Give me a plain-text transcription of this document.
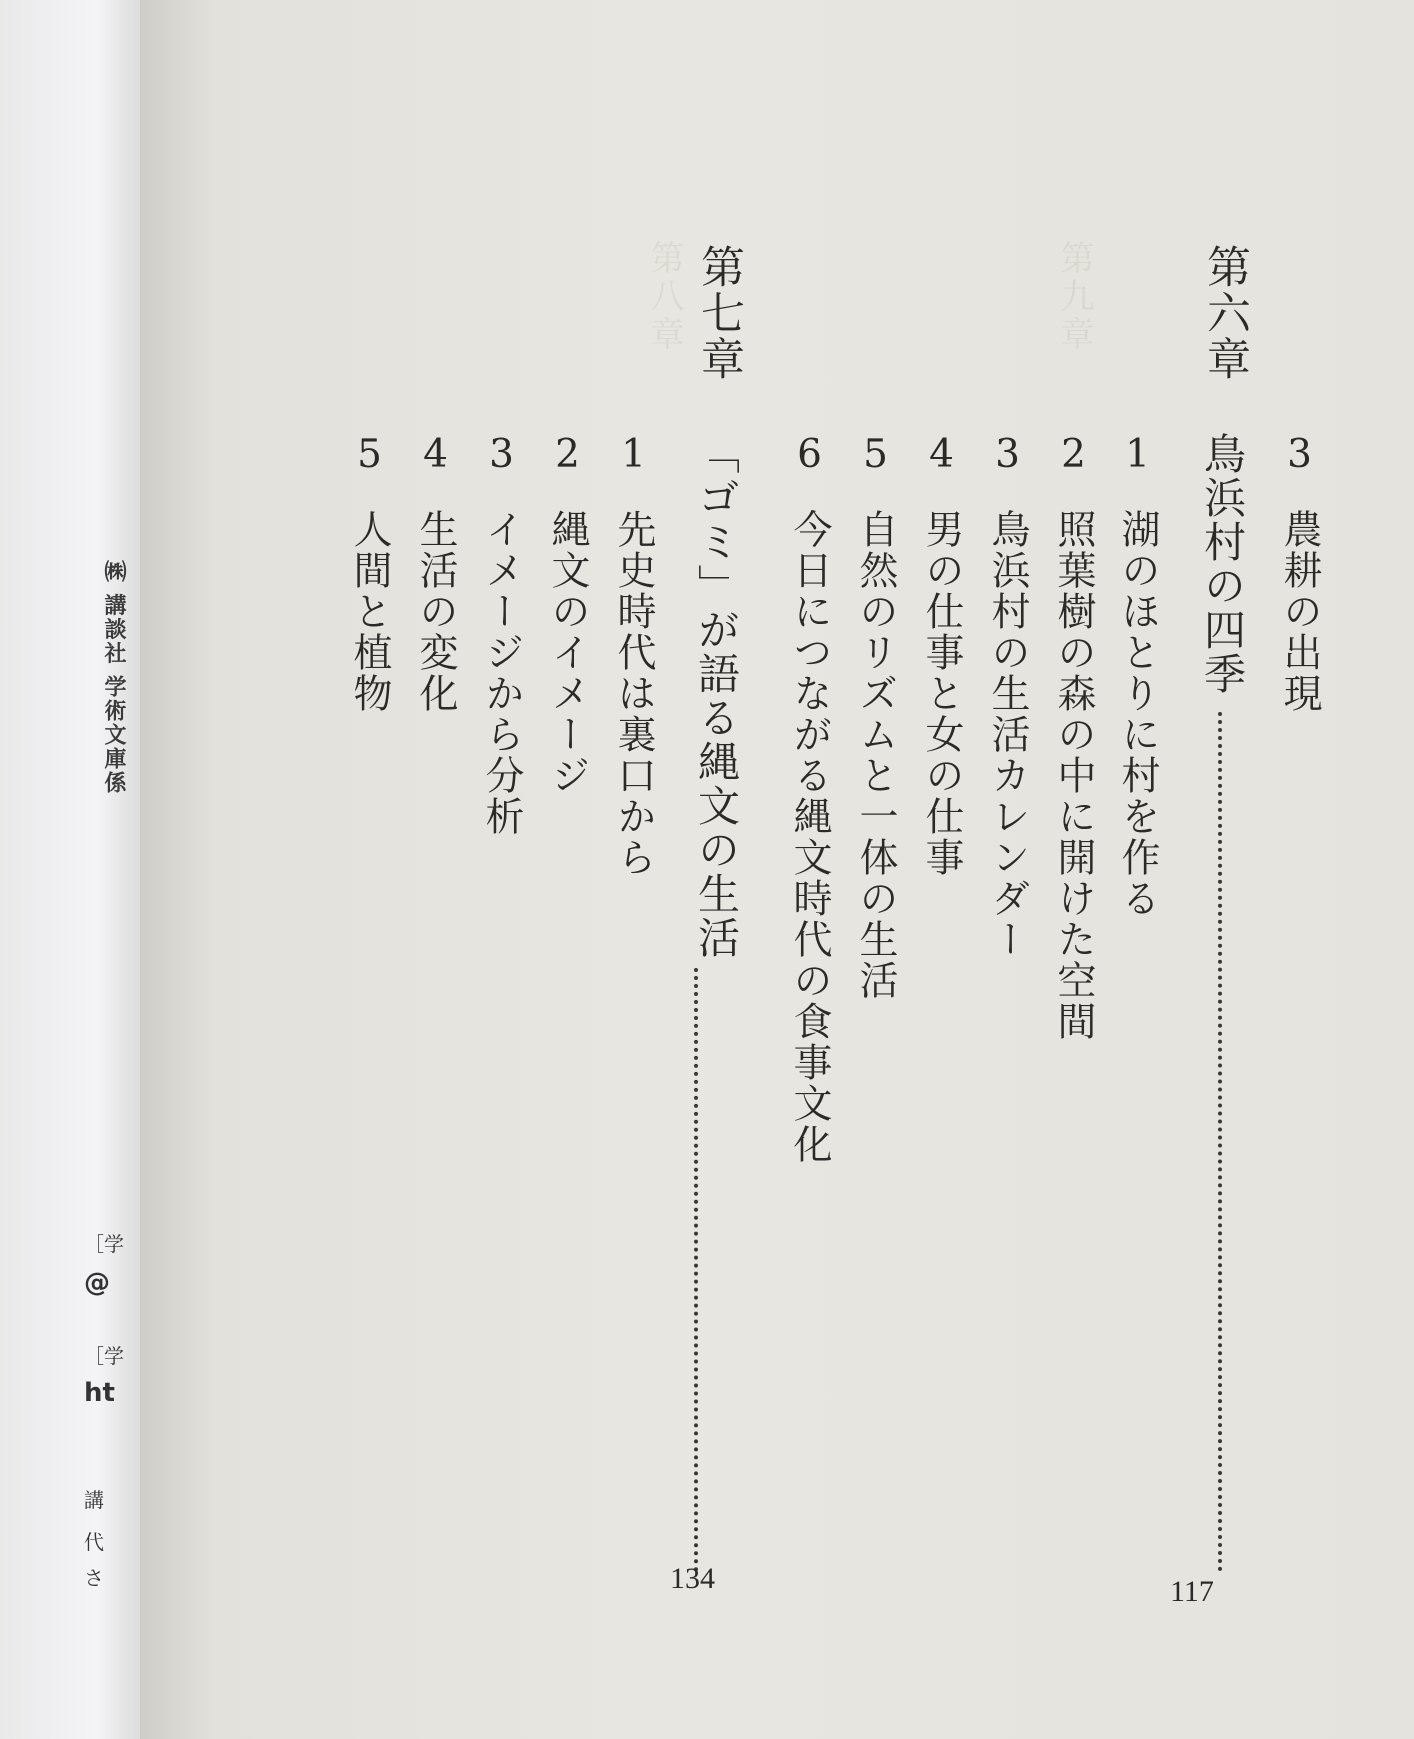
㈱ 講談社 学術文庫係
［学
@
［学
ht
講
代
さ
第九章
第八章
3農耕の出現
第六章
鳥浜村の四季
117
1湖のほとりに村を作る
2照葉樹の森の中に開けた空間
3鳥浜村の生活カレンダー
4男の仕事と女の仕事
5自然のリズムと一体の生活
6今日につながる縄文時代の食事文化
第七章
「ゴミ」が語る縄文の生活
134
1先史時代は裏口から
2縄文のイメージ
3イメージから分析
4生活の変化
5人間と植物
